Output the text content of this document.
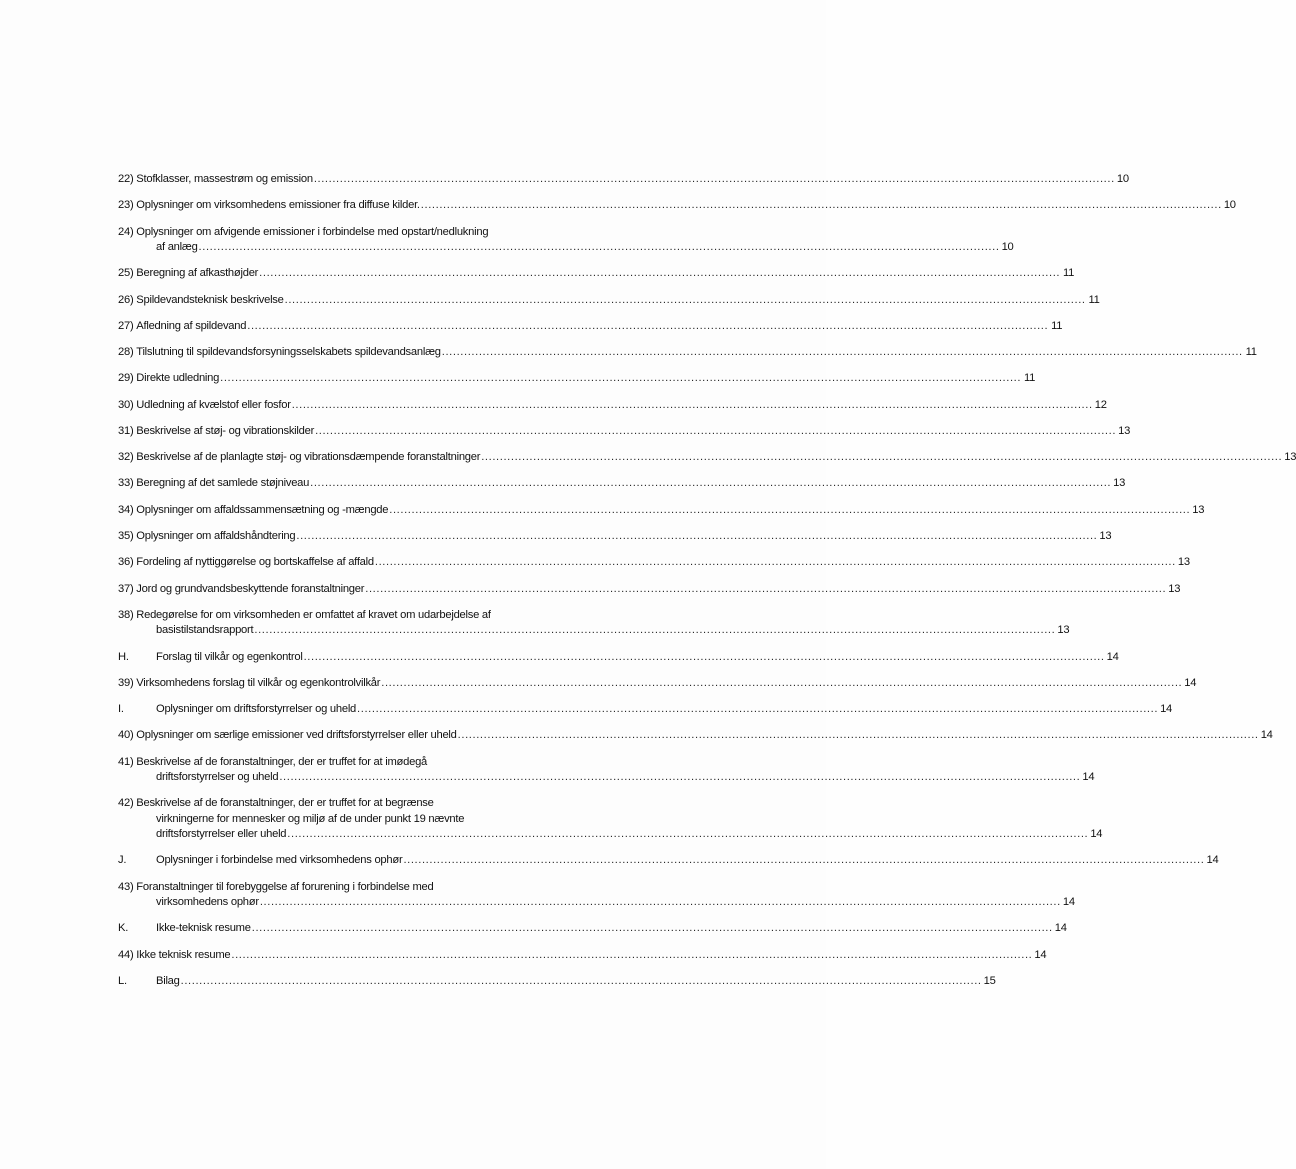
22) Stofklasser, massestrøm og emission .....	10
23) Oplysninger om virksomhedens emissioner fra diffuse kilder. .....	10
24) Oplysninger om afvigende emissioner i forbindelse med opstart/nedlukning
af anlæg .....	10
25) Beregning af afkasthøjder .....	11
26) Spildevandsteknisk beskrivelse .....	11
27) Afledning af spildevand .....	11
28) Tilslutning til spildevandsforsyningsselskabets spildevandsanlæg .....	11
29) Direkte udledning .....	11
30) Udledning af kvælstof eller fosfor .....	12
31) Beskrivelse af støj- og vibrationskilder .....	13
32) Beskrivelse af de planlagte støj- og vibrationsdæmpende foranstaltninger .....	13
33) Beregning af det samlede støjniveau .....	13
34) Oplysninger om affaldssammensætning og -mængde .....	13
35) Oplysninger om affaldshåndtering .....	13
36) Fordeling af nyttiggørelse og bortskaffelse af affald .....	13
37) Jord og grundvandsbeskyttende foranstaltninger .....	13
38) Redegørelse for om virksomheden er omfattet af kravet om udarbejdelse af
basistilstandsrapport .....	13
H.	Forslag til vilkår og egenkontrol .....	14
39) Virksomhedens forslag til vilkår og egenkontrolvilkår .....	14
I.	Oplysninger om driftsforstyrrelser og uheld .....	14
40) Oplysninger om særlige emissioner ved driftsforstyrrelser eller uheld .....	14
41) Beskrivelse af de foranstaltninger, der er truffet for at imødegå
driftsforstyrrelser og uheld .....	14
42) Beskrivelse af de foranstaltninger, der er truffet for at begrænse
virkningerne for mennesker og miljø af de under punkt 19 nævnte
driftsforstyrrelser eller uheld .....	14
J.	Oplysninger i forbindelse med virksomhedens ophør .....	14
43) Foranstaltninger til forebyggelse af forurening i forbindelse med
virksomhedens ophør .....	14
K.	Ikke-teknisk resume .....	14
44) Ikke teknisk resume .....	14
L.	Bilag .....	15
